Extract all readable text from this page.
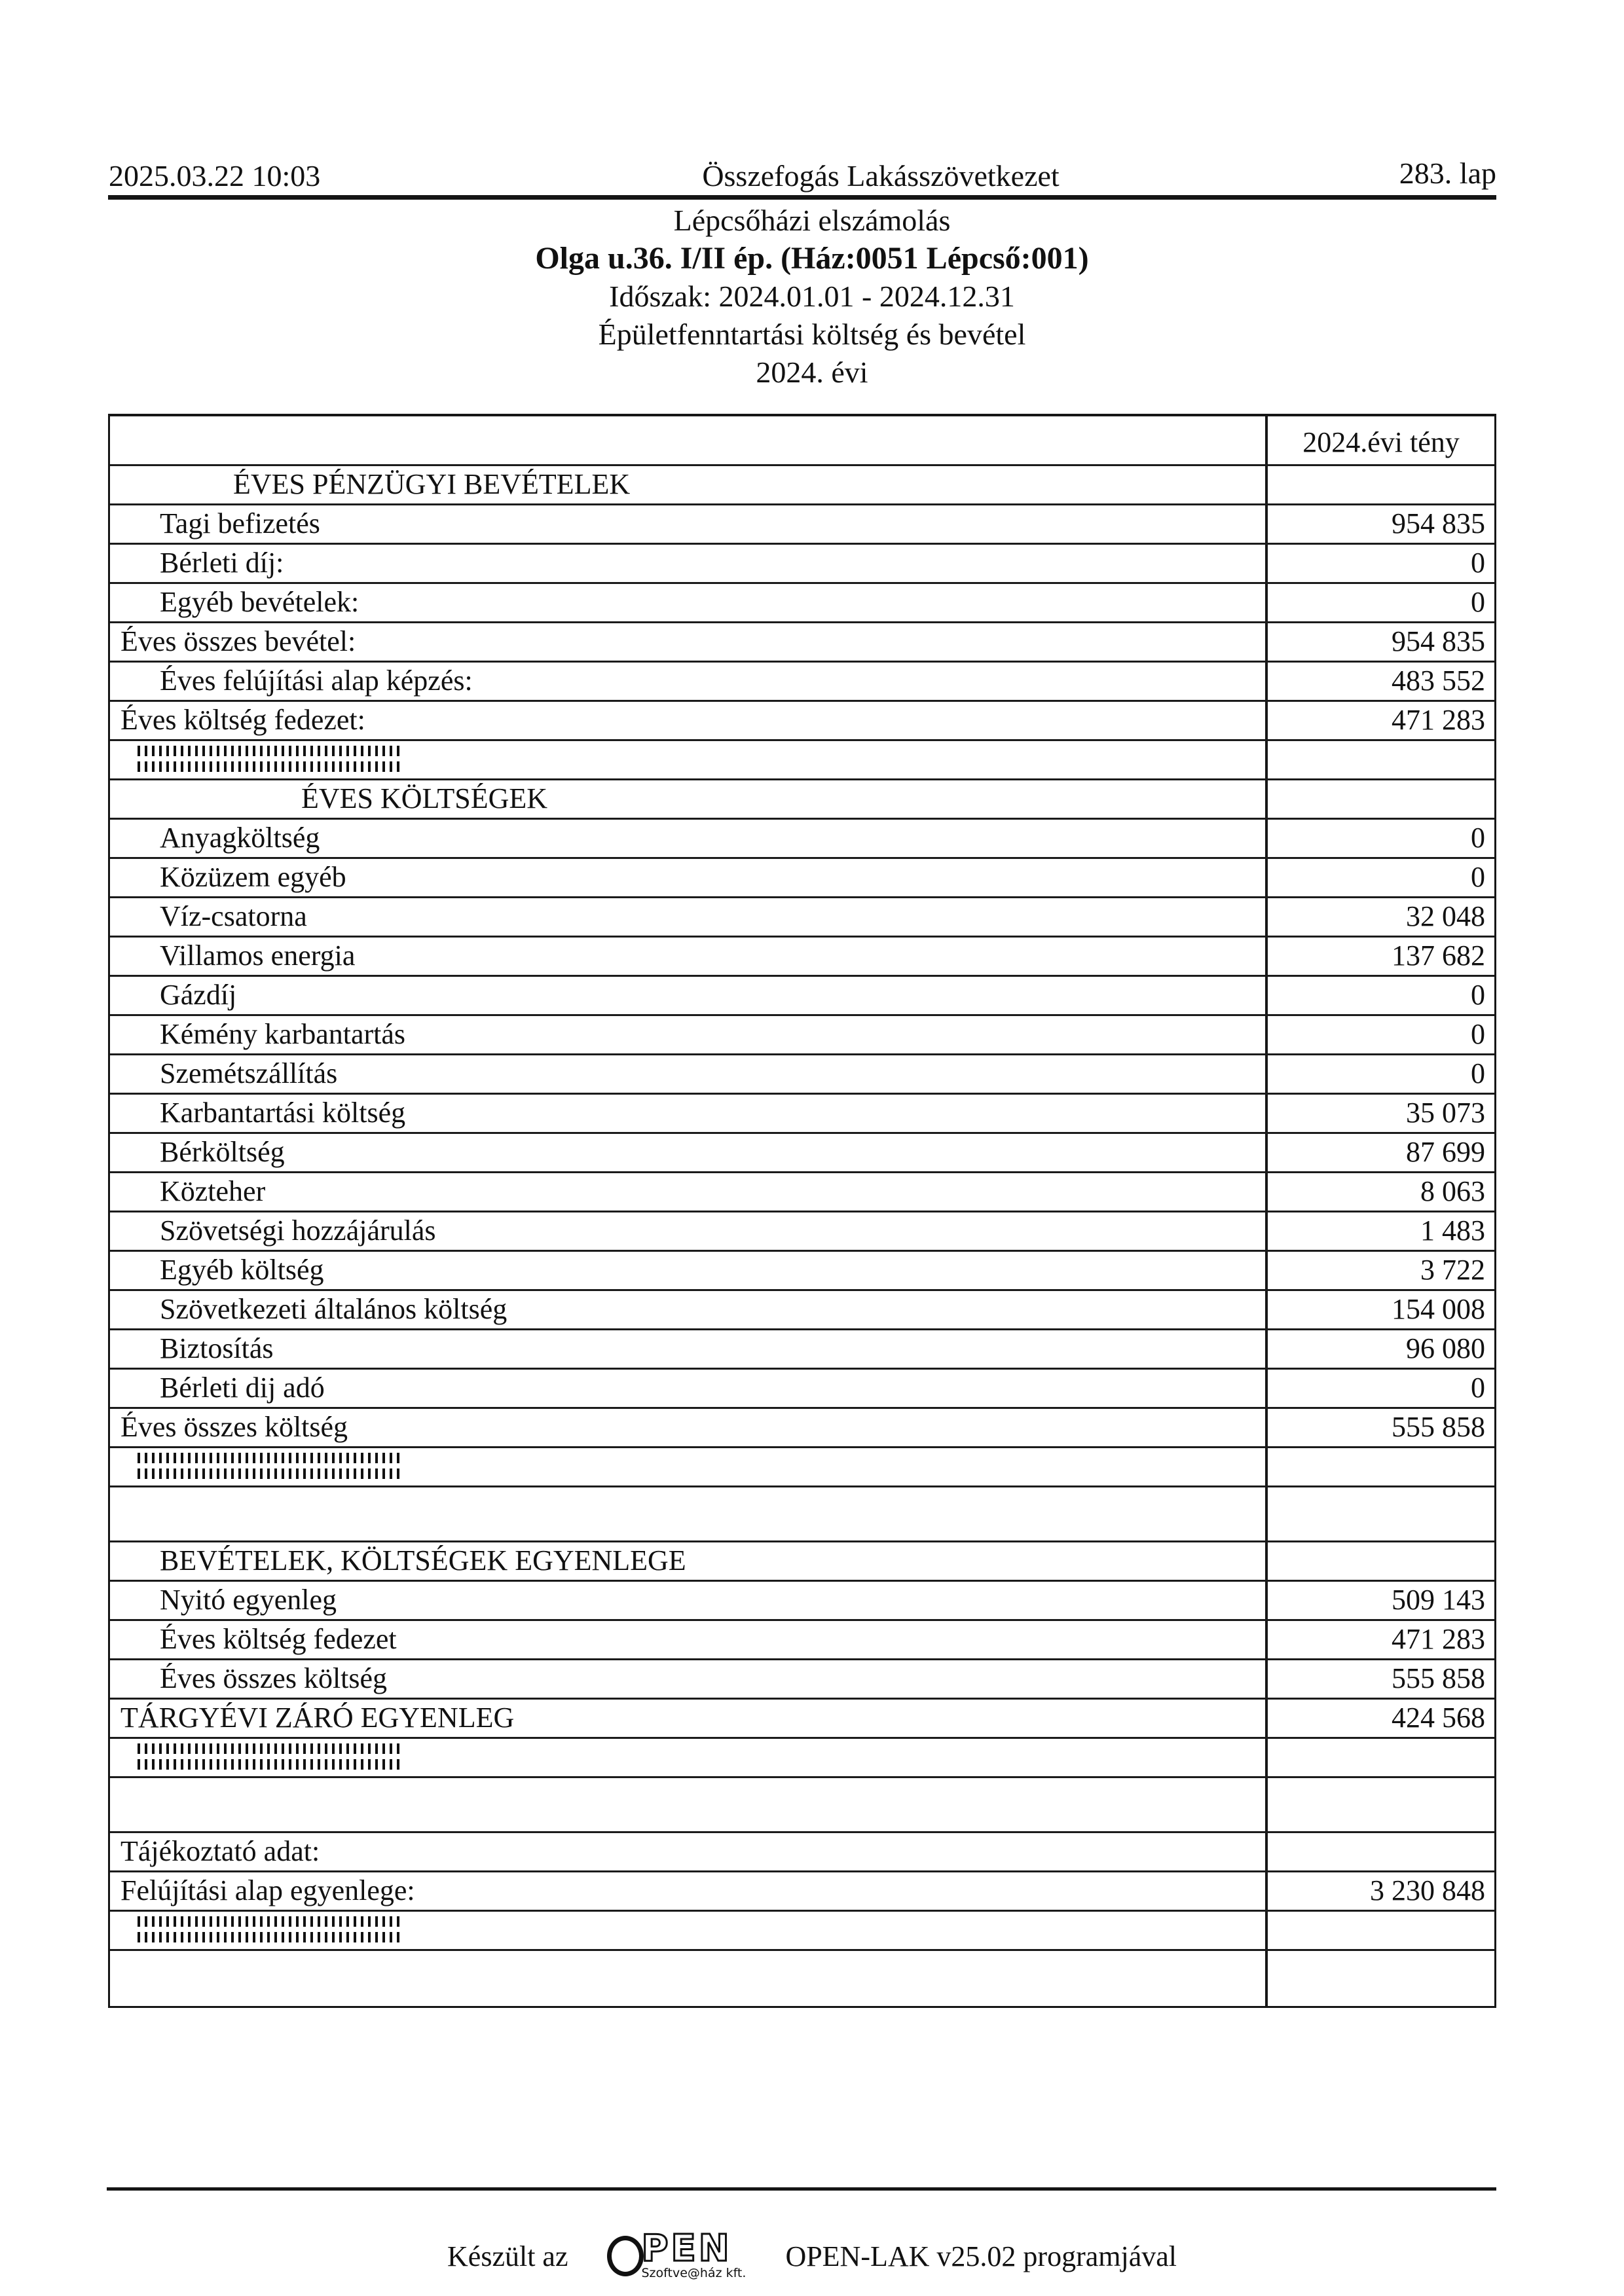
2025.03.22 10:03	Összefogás Lakásszövetkezet	283. lap
Lépcsőházi elszámolás
Olga u.36. I/II ép. (Ház:0051 Lépcső:001)
Időszak: 2024.01.01 - 2024.12.31
Épületfenntartási költség és bevétel
2024. évi
2024.évi tény
ÉVES PÉNZÜGYI BEVÉTELEK
Tagi befizetés	954 835
Bérleti díj:	0
Egyéb bevételek:	0
Éves összes bevétel:	954 835
Éves felújítási alap képzés:	483 552
Éves költség fedezet:	471 283
ÉVES KÖLTSÉGEK
Anyagköltség	0
Közüzem egyéb	0
Víz-csatorna	32 048
Villamos energia	137 682
Gázdíj	0
Kémény karbantartás	0
Szemétszállítás	0
Karbantartási költség	35 073
Bérköltség	87 699
Közteher	8 063
Szövetségi hozzájárulás	1 483
Egyéb költség	3 722
Szövetkezeti általános költség	154 008
Biztosítás	96 080
Bérleti dij adó	0
Éves összes költség	555 858
BEVÉTELEK, KÖLTSÉGEK EGYENLEGE
Nyitó egyenleg	509 143
Éves költség fedezet	471 283
Éves összes költség	555 858
TÁRGYÉVI ZÁRÓ EGYENLEG	424 568
Tájékoztató adat:
Felújítási alap egyenlege:	3 230 848
Készült az PEN
Szoftve@ház kft.
OPEN-LAK v25.02 programjával
